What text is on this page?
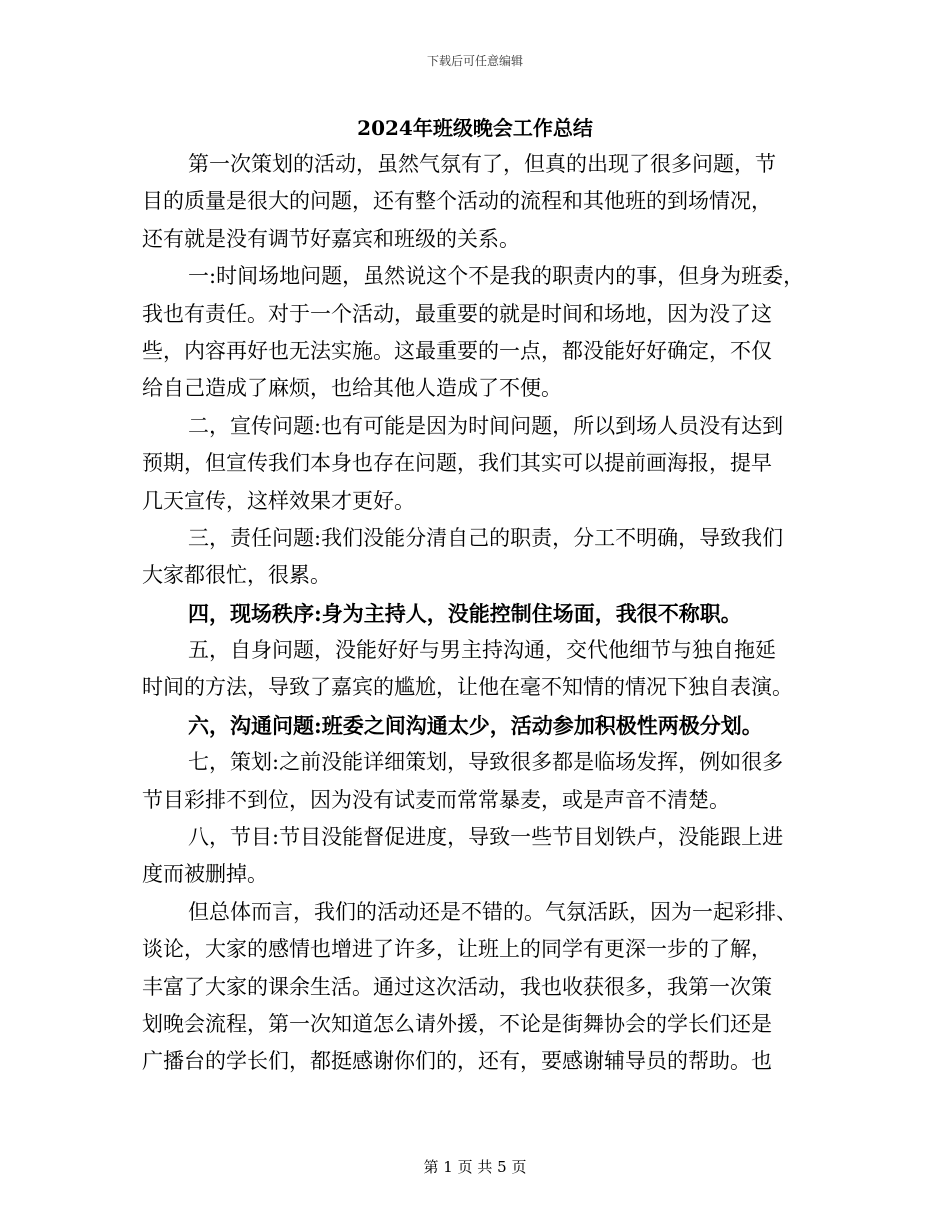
下载后可任意编辑
2024年班级晚会工作总结
第一次策划的活动，虽然气氛有了，但真的出现了很多问题，节
目的质量是很大的问题，还有整个活动的流程和其他班的到场情况，
还有就是没有调节好嘉宾和班级的关系。
一:时间场地问题，虽然说这个不是我的职责内的事，但身为班委，
我也有责任。对于一个活动，最重要的就是时间和场地，因为没了这
些，内容再好也无法实施。这最重要的一点，都没能好好确定，不仅
给自己造成了麻烦，也给其他人造成了不便。
二，宣传问题:也有可能是因为时间问题，所以到场人员没有达到
预期，但宣传我们本身也存在问题，我们其实可以提前画海报，提早
几天宣传，这样效果才更好。
三，责任问题:我们没能分清自己的职责，分工不明确，导致我们
大家都很忙，很累。
四，现场秩序:身为主持人，没能控制住场面，我很不称职。
五，自身问题，没能好好与男主持沟通，交代他细节与独自拖延
时间的方法，导致了嘉宾的尴尬，让他在毫不知情的情况下独自表演。
六，沟通问题:班委之间沟通太少，活动参加积极性两极分划。
七，策划:之前没能详细策划，导致很多都是临场发挥，例如很多
节目彩排不到位，因为没有试麦而常常暴麦，或是声音不清楚。
八，节目:节目没能督促进度，导致一些节目划铁卢，没能跟上进
度而被删掉。
但总体而言，我们的活动还是不错的。气氛活跃，因为一起彩排、
谈论，大家的感情也增进了许多，让班上的同学有更深一步的了解，
丰富了大家的课余生活。通过这次活动，我也收获很多，我第一次策
划晚会流程，第一次知道怎么请外援，不论是街舞协会的学长们还是
广播台的学长们，都挺感谢你们的，还有，要感谢辅导员的帮助。也
第 1 页 共 5 页
